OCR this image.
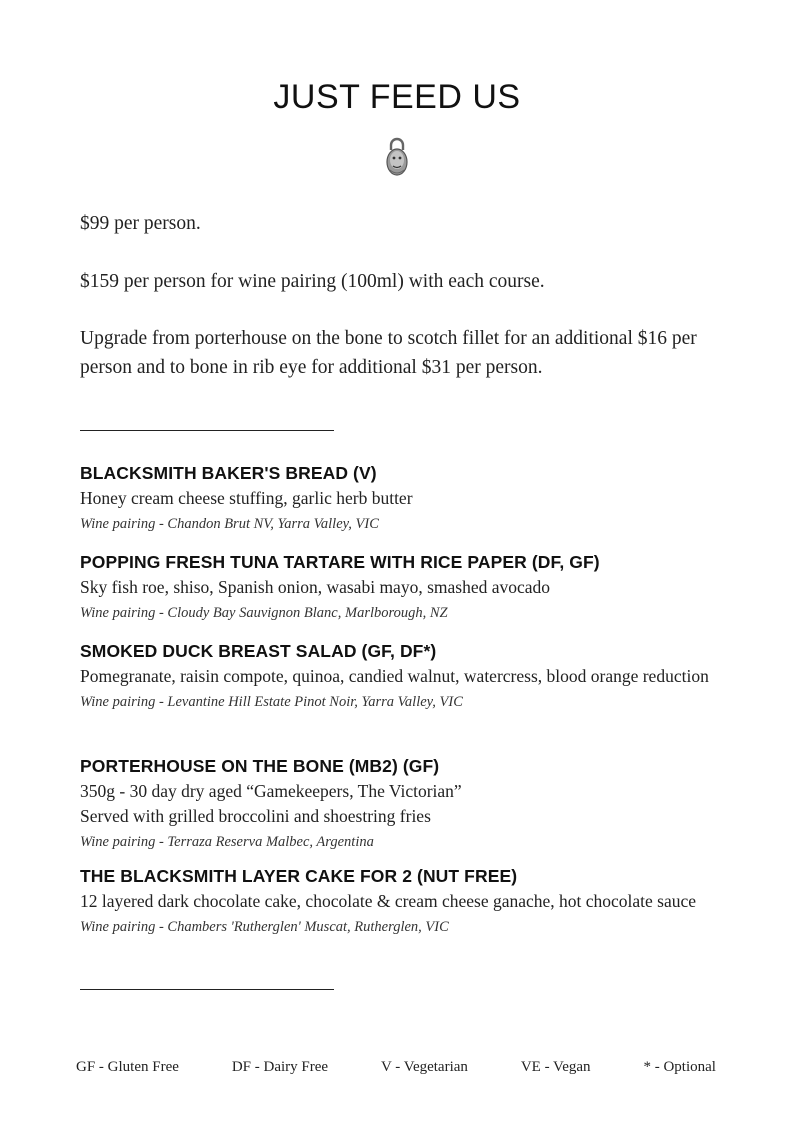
JUST FEED US

$99 per person.

$159 per person for wine pairing (100ml) with each course.

Upgrade from porterhouse on the bone to scotch fillet for an additional $16 per person and to bone in rib eye for additional $31 per person.

BLACKSMITH BAKER'S BREAD (V)
Honey cream cheese stuffing, garlic herb butter
Wine pairing - Chandon Brut NV, Yarra Valley, VIC
POPPING FRESH TUNA TARTARE WITH RICE PAPER (DF, GF)
Sky fish roe, shiso, Spanish onion, wasabi mayo, smashed avocado
Wine pairing - Cloudy Bay Sauvignon Blanc, Marlborough, NZ
SMOKED DUCK BREAST SALAD (GF, DF*)
Pomegranate, raisin compote, quinoa, candied walnut, watercress, blood orange reduction
Wine pairing - Levantine Hill Estate Pinot Noir, Yarra Valley, VIC
PORTERHOUSE ON THE BONE (MB2) (GF)
350g - 30 day dry aged “Gamekeepers, The Victorian”
Served with grilled broccolini and shoestring fries
Wine pairing - Terraza Reserva Malbec, Argentina
THE BLACKSMITH LAYER CAKE FOR 2 (NUT FREE)
12 layered dark chocolate cake, chocolate & cream cheese ganache, hot chocolate sauce
Wine pairing - Chambers 'Rutherglen' Muscat, Rutherglen, VIC
GF - Gluten Free	DF - Dairy Free	V - Vegetarian	VE - Vegan	* - Optional
